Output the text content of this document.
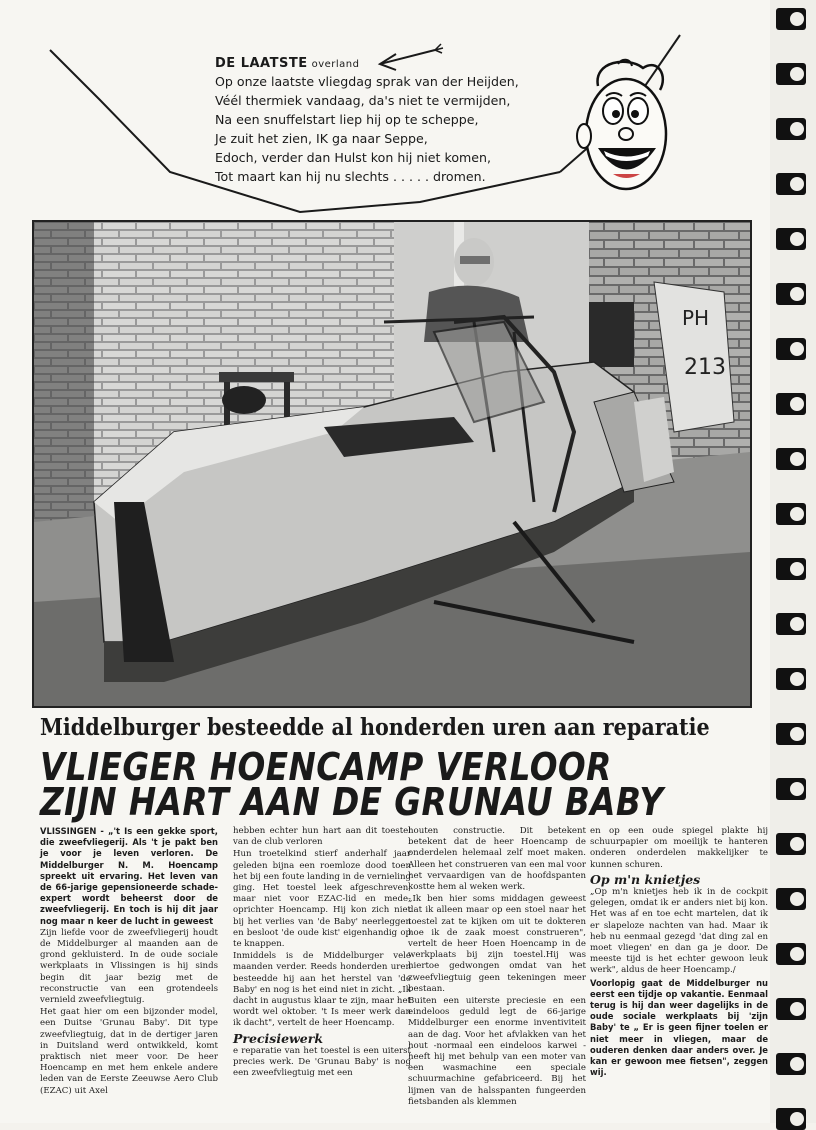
DE LAATSTE overland
Op onze laatste vliegdag sprak van der Heijden,
Véél thermiek vandaag, da's niet te vermijden,
Na een snuffelstart liep hij op te scheppe,
Je zuit het zien, IK ga naar Seppe,
Edoch, verder dan Hulst kon hij niet komen,
Tot maart kan hij nu slechts . . . . . dromen.
PH
213
Middelburger besteedde al honderden uren aan reparatie
VLIEGER HOENCAMP VERLOOR
ZIJN HART AAN DE GRUNAU BABY

VLISSINGEN - „'t Is een gekke sport, die zweefvliegerij. Als 't je pakt ben je voor je leven verloren. De Middelburger N. M. Hoencamp spreekt uit ervaring. Het leven van de 66-jarige gepensioneerde schade-expert wordt beheerst door de zweefvliegerij. En toch is hij dit jaar nog maar n keer de lucht in geweest

Zijn liefde voor de zweefvliegerij houdt de Middelburger al maanden aan de grond gekluisterd. In de oude sociale werkplaats in Vlissingen is hij sinds begin dit jaar bezig met de reconstructie van een grotendeels vernield zweefvliegtuig.

Het gaat hier om een bijzonder model, een Duitse 'Grunau Baby'. Dit type zweefvliegtuig, dat in de dertiger jaren in Duitsland werd ontwikkeld, komt praktisch niet meer voor. De heer Hoencamp en met hem enkele andere leden van de Eerste Zeeuwse Aero Club (EZAC) uit Axel

hebben echter hun hart aan dit toestel van de club verloren

Hun troetelkind stierf anderhalf jaar geleden bijna een roemloze dood toen het bij een foute landing in de vernieling ging. Het toestel leek afgeschreven, maar niet voor EZAC-lid en mede-oprichter Hoencamp. Hij kon zich niet bij het verlies van 'de Baby' neerleggen en besloot 'de oude kist' eigenhandig op te knappen.

Inmiddels is de Middelburger vele maanden verder. Reeds honderden uren besteedde hij aan het herstel van 'de Baby' en nog is het eind niet in zicht. „Ik dacht in augustus klaar te zijn, maar het wordt wel oktober. 't Is meer werk dan ik dacht", vertelt de heer Hoencamp.

Precisiewerk

e reparatie van het toestel is een uiterst precies werk. De 'Grunau Baby' is nog een zweefvliegtuig met een

houten constructie. Dit betekent betekent dat de heer Hoencamp de onderdelen helemaal zelf moet maken. Alleen het construeren van een mal voor het vervaardigen van de hoofdspanten kostte hem al weken werk.

„Ik ben hier soms middagen geweest dat ik alleen maar op een stoel naar het toestel zat te kijken om uit te dokteren hoe ik de zaak moest construeren", vertelt de heer Hoen Hoencamp in de werkplaats bij zijn toestel.Hij was hiertoe gedwongen omdat van het zweefvliegtuig geen tekeningen meer bestaan.

Buiten een uiterste preciesie en een eindeloos geduld legt de 66-jarige Middelburger een enorme inventiviteit aan de dag. Voor het afvlakken van het hout -normaal een eindeloos karwei - heeft hij met behulp van een moter van een wasmachine een speciale schuurmachine gefabriceerd. Bij het lijmen van de halsspanten fungeerden fietsbanden als klemmen

en op een oude spiegel plakte hij schuurpapier om moeilijk te hanteren onderen onderdelen makkelijker te kunnen schuren.

Op m'n knietjes

„Op m'n knietjes heb ik in de cockpit gelegen, omdat ik er anders niet bij kon. Het was af en toe echt martelen, dat ik er slapeloze nachten van had. Maar ik heb nu eenmaal gezegd 'dat ding zal en moet vliegen' en dan ga je door. De meeste tijd is het echter gewoon leuk werk", aldus de heer Hoencamp./

Voorlopig gaat de Middelburger nu eerst een tijdje op vakantie. Eenmaal terug is hij dan weer dagelijks in de oude sociale werkplaats bij 'zijn Baby' te „ Er is geen fijner toelen er niet meer in vliegen, maar de ouderen denken daar anders over. Je kan er gewoon mee fietsen", zeggen wij.
